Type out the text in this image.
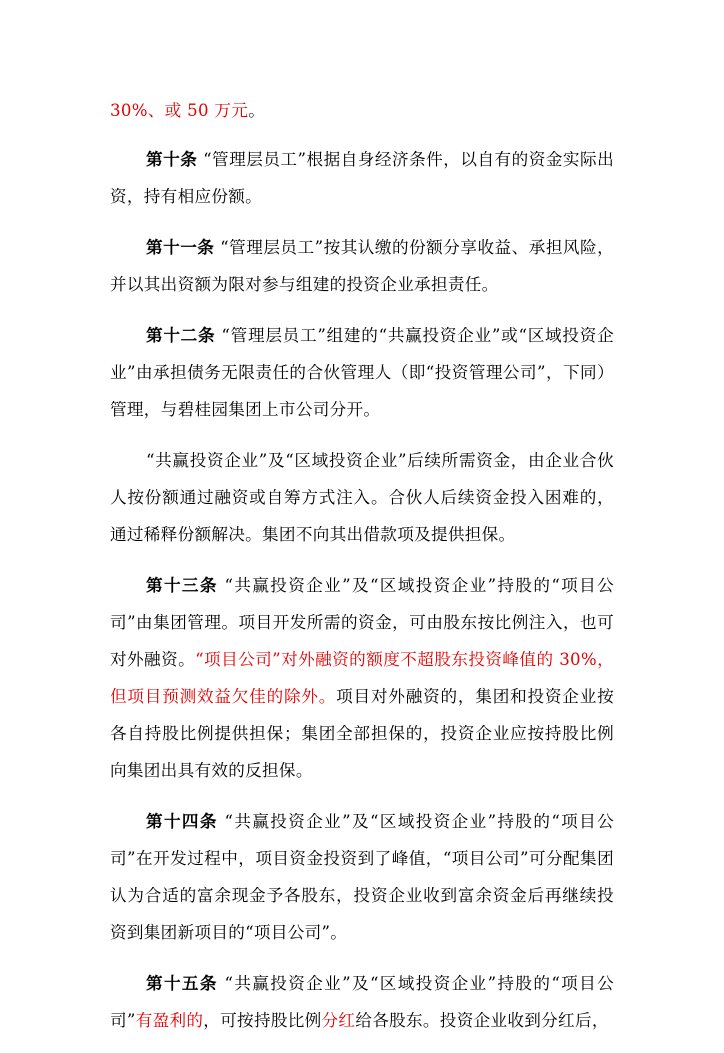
30%、或 50 万元。

第十条 “管理层员工”根据自身经济条件，以自有的资金实际出资，持有相应份额。

第十一条 “管理层员工”按其认缴的份额分享收益、承担风险，并以其出资额为限对参与组建的投资企业承担责任。

第十二条 “管理层员工”组建的“共赢投资企业”或“区域投资企业”由承担债务无限责任的合伙管理人（即“投资管理公司”，下同）管理，与碧桂园集团上市公司分开。

“共赢投资企业”及“区域投资企业”后续所需资金，由企业合伙人按份额通过融资或自筹方式注入。合伙人后续资金投入困难的，通过稀释份额解决。集团不向其出借款项及提供担保。

第十三条 “共赢投资企业”及“区域投资企业”持股的“项目公司”由集团管理。项目开发所需的资金，可由股东按比例注入，也可对外融资。“项目公司”对外融资的额度不超股东投资峰值的 30%，但项目预测效益欠佳的除外。项目对外融资的，集团和投资企业按各自持股比例提供担保；集团全部担保的，投资企业应按持股比例向集团出具有效的反担保。

第十四条 “共赢投资企业”及“区域投资企业”持股的“项目公司”在开发过程中，项目资金投资到了峰值，“项目公司”可分配集团认为合适的富余现金予各股东，投资企业收到富余资金后再继续投资到集团新项目的“项目公司”。

第十五条 “共赢投资企业”及“区域投资企业”持股的“项目公司”有盈利的，可按持股比例分红给各股东。投资企业收到分红后，
